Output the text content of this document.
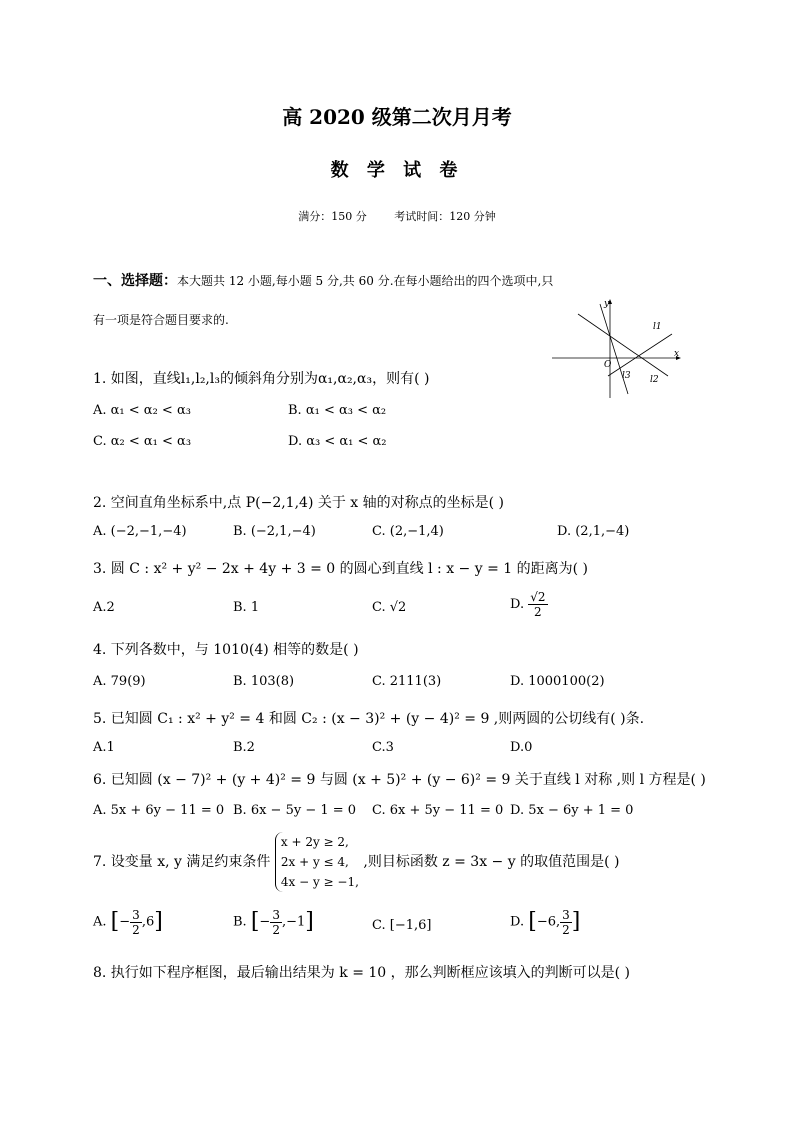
高 2020 级第二次月月考
数 学 试 卷
满分：150 分	考试时间：120 分钟
一、选择题：本大题共 12 小题,每小题 5 分,共 60 分.在每小题给出的四个选项中,只
有一项是符合题目要求的.
y
x
O
l1
l2
l3
1. 如图，直线l₁,l₂,l₃的倾斜角分别为α₁,α₂,α₃，则有( )
A. α₁ < α₂ < α₃	B. α₁ < α₃ < α₂
C. α₂ < α₁ < α₃	D. α₃ < α₁ < α₂
2. 空间直角坐标系中,点 P(−2,1,4) 关于 x 轴的对称点的坐标是( )
A. (−2,−1,−4)	B. (−2,1,−4)	C. (2,−1,4)	D. (2,1,−4)
3. 圆 C : x² + y² − 2x + 4y + 3 = 0 的圆心到直线 l : x − y = 1 的距离为( )
A.2	B. 1	C. √2	D. $\frac{√2}{2}$
4. 下列各数中，与 1010(4) 相等的数是( )
A. 79(9)	B. 103(8)	C. 2111(3)	D. 1000100(2)
5. 已知圆 C₁ : x² + y² = 4 和圆 C₂ : (x − 3)² + (y − 4)² = 9 ,则两圆的公切线有( )条.
A.1	B.2	C.3	D.0
6. 已知圆 (x − 7)² + (y + 4)² = 9 与圆 (x + 5)² + (y − 6)² = 9 关于直线 l 对称 ,则 l 方程是( )
A. 5x + 6y − 11 = 0 B. 6x − 5y − 1 = 0 C. 6x + 5y − 11 = 0 D. 5x − 6y + 1 = 0
7. 设变量 x, y 满足约束条件
x + 2y ≥ 2,
2x + y ≤ 4,
4x − y ≥ −1,
,则目标函数 z = 3x − y 的取值范围是( )
A. [− $\frac{3}{2} ,6$]	B. [− $\frac{3}{2} ,-1$]	C. [−1,6]	D. [−6, $\frac{3}{2}$ ]
8. 执行如下程序框图，最后输出结果为 k = 10 ，那么判断框应该填入的判断可以是( )
